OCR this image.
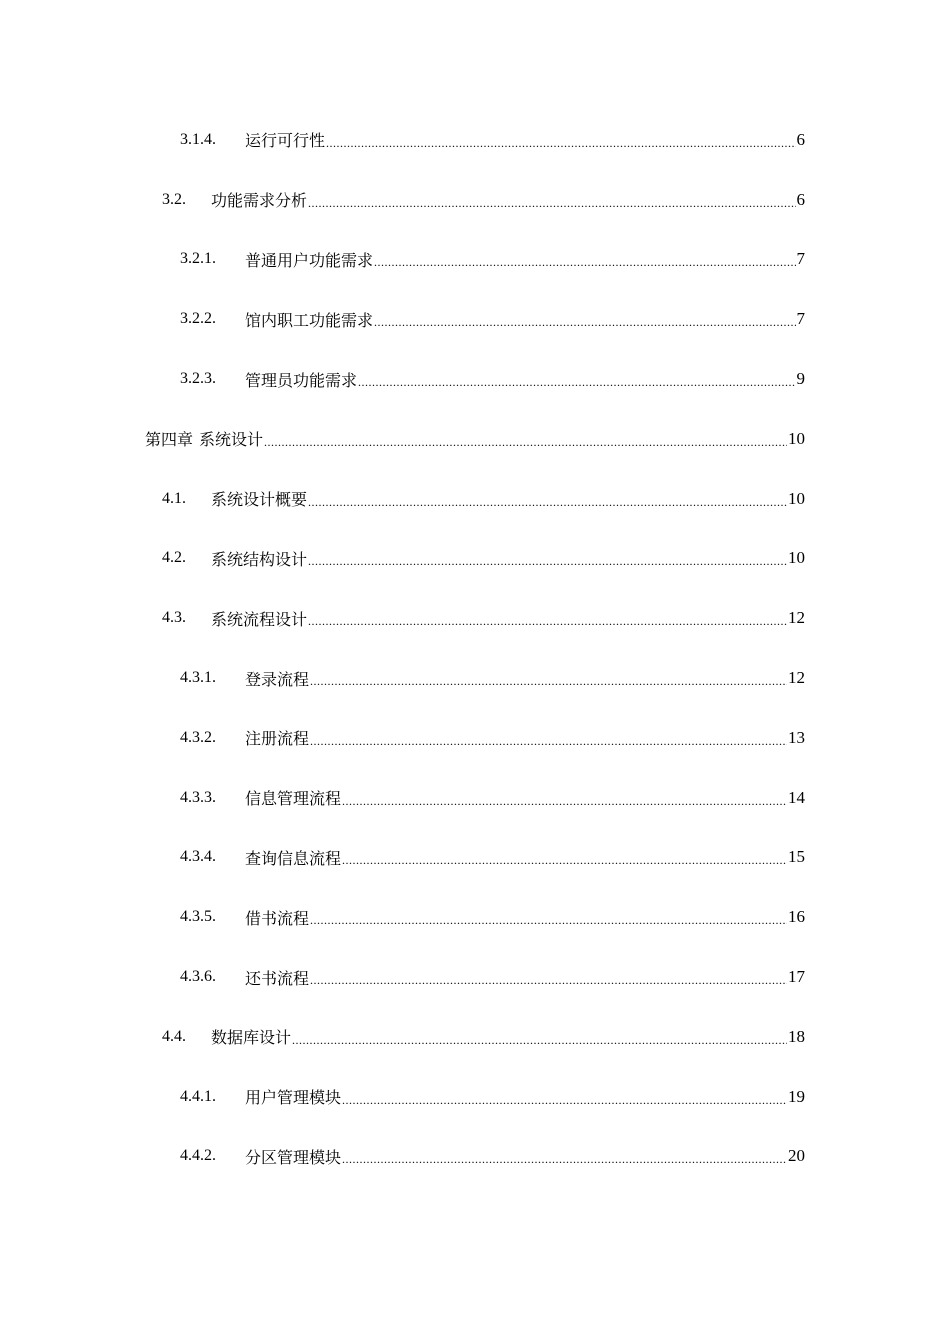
3.1.4.	运行可行性 .....	6
3.2.	功能需求分析 .....	6
3.2.1.	普通用户功能需求 .....	7
3.2.2.	馆内职工功能需求 .....	7
3.2.3.	管理员功能需求 .....	9
第四章 系统设计 .....	10
4.1.	系统设计概要 .....	10
4.2.	系统结构设计 .....	10
4.3.	系统流程设计 .....	12
4.3.1.	登录流程 .....	12
4.3.2.	注册流程 .....	13
4.3.3.	信息管理流程 .....	14
4.3.4.	查询信息流程 .....	15
4.3.5.	借书流程 .....	16
4.3.6.	还书流程 .....	17
4.4.	数据库设计 .....	18
4.4.1.	用户管理模块 .....	19
4.4.2.	分区管理模块 .....	20
